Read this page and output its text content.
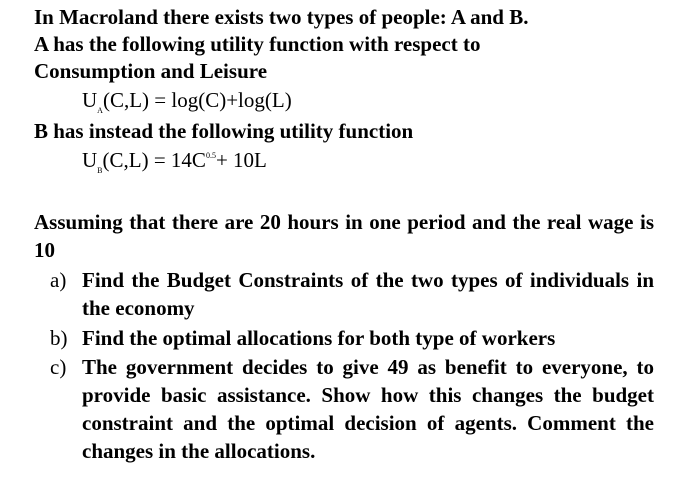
In Macroland there exists two types of people: A and B.
A has the following utility function with respect to
Consumption and Leisure
$U_A(C,L) = \log(C)+\log(L)$
B has instead the following utility function
$U_B(C,L) = 14C^{0.5}+ 10L$
Assuming that there are 20 hours in one period and the real wage is 10
a) Find the Budget Constraints of the two types of individuals in the economy
b) Find the optimal allocations for both type of workers
c) The government decides to give 49 as benefit to everyone, to provide basic assistance. Show how this changes the budget constraint and the optimal decision of agents. Comment the changes in the allocations.
